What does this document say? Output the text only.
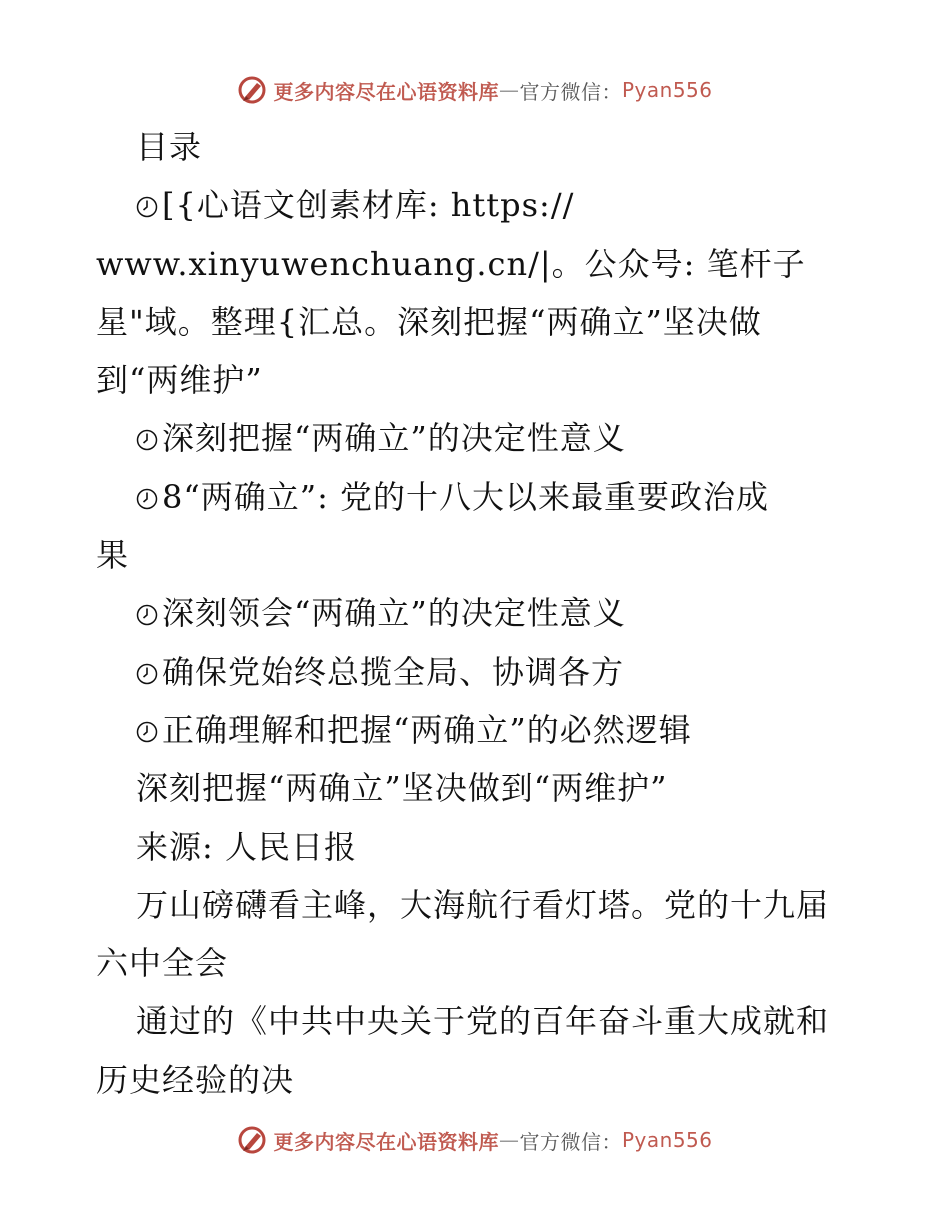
更多内容尽在心语资料库 — 官方微信： Pyan556
目录
[{心语文创素材库: https://
www.xinyuwenchuang.cn/|。公众号: 笔杆子
星"域。整理{汇总。深刻把握“两确立”坚决做
到“两维护”
深刻把握“两确立”的决定性意义
8“两确立”: 党的十八大以来最重要政治成
果
深刻领会“两确立”的决定性意义
确保党始终总揽全局、协调各方
正确理解和把握“两确立”的必然逻辑
深刻把握“两确立”坚决做到“两维护”
来源: 人民日报
万山磅礴看主峰，大海航行看灯塔。党的十九届
六中全会
通过的《中共中央关于党的百年奋斗重大成就和
历史经验的决
更多内容尽在心语资料库 — 官方微信： Pyan556
